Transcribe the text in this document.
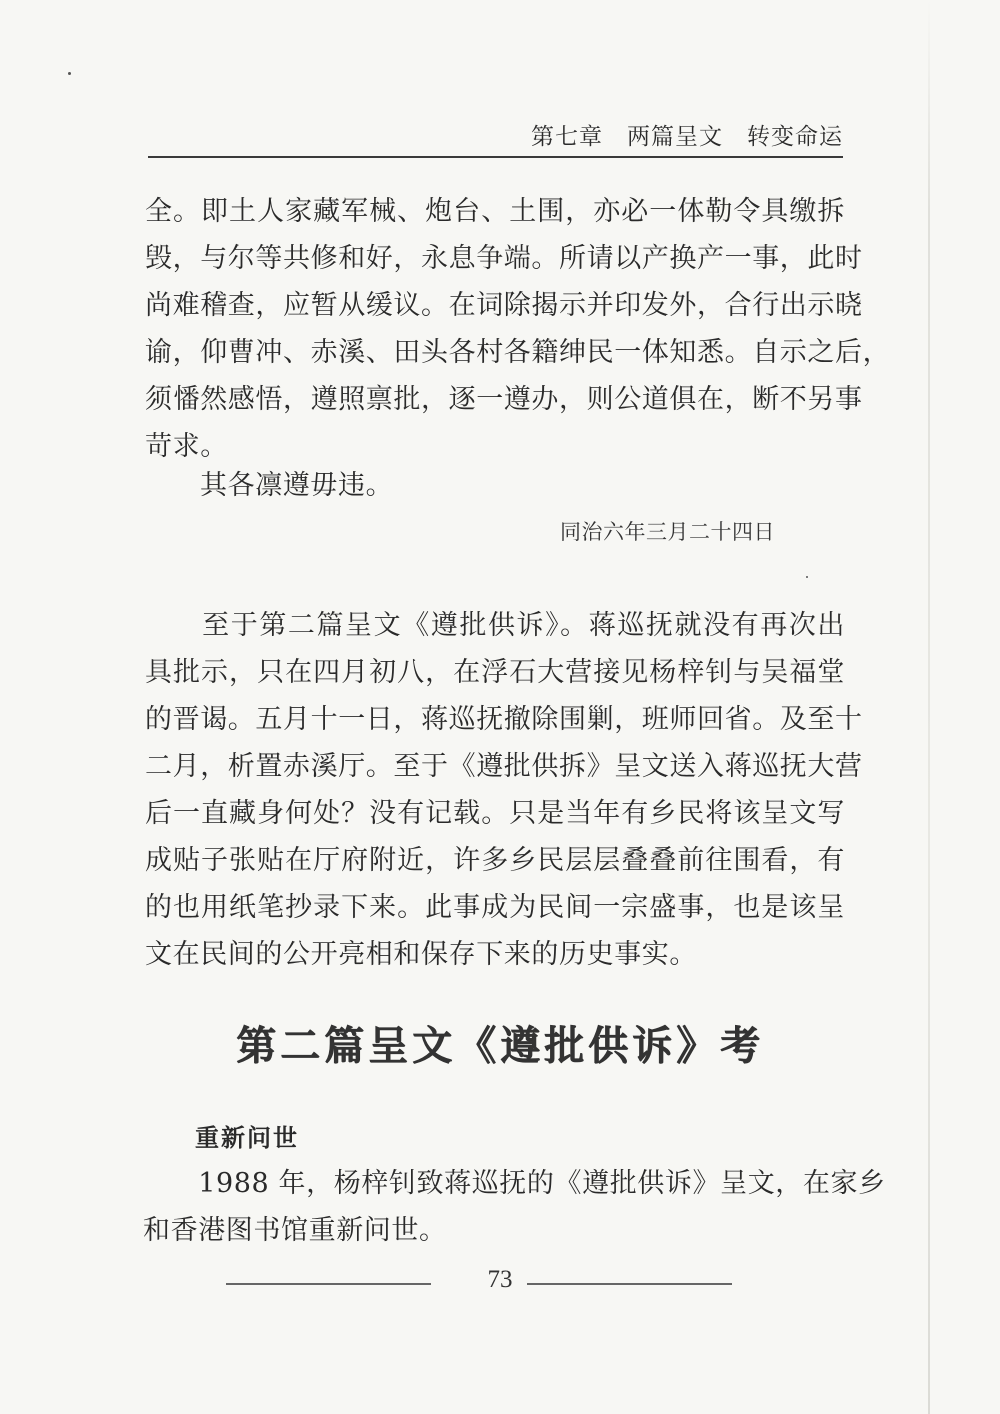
第七章　两篇呈文　转变命运
全。即土人家藏军械、炮台、土围，亦必一体勒令具缴拆
毁，与尔等共修和好，永息争端。所请以产换产一事，此时
尚难稽查，应暂从缓议。在词除揭示并印发外，合行出示晓
谕，仰曹冲、赤溪、田头各村各籍绅民一体知悉。自示之后，
须憣然感悟，遵照禀批，逐一遵办，则公道俱在，断不另事
苛求。
其各凛遵毋违。
同治六年三月二十四日
　　至于第二篇呈文《遵批供诉》。蒋巡抚就没有再次出
具批示，只在四月初八，在浮石大营接见杨梓钊与吴福堂
的晋谒。五月十一日，蒋巡抚撤除围剿，班师回省。及至十
二月，析置赤溪厅。至于《遵批供拆》呈文送入蒋巡抚大营
后一直藏身何处？没有记载。只是当年有乡民将该呈文写
成贴子张贴在厅府附近，许多乡民层层叠叠前往围看，有
的也用纸笔抄录下来。此事成为民间一宗盛事，也是该呈
文在民间的公开亮相和保存下来的历史事实。
第二篇呈文《遵批供诉》考
重新问世
　　1988 年，杨梓钊致蒋巡抚的《遵批供诉》呈文，在家乡
和香港图书馆重新问世。
73
